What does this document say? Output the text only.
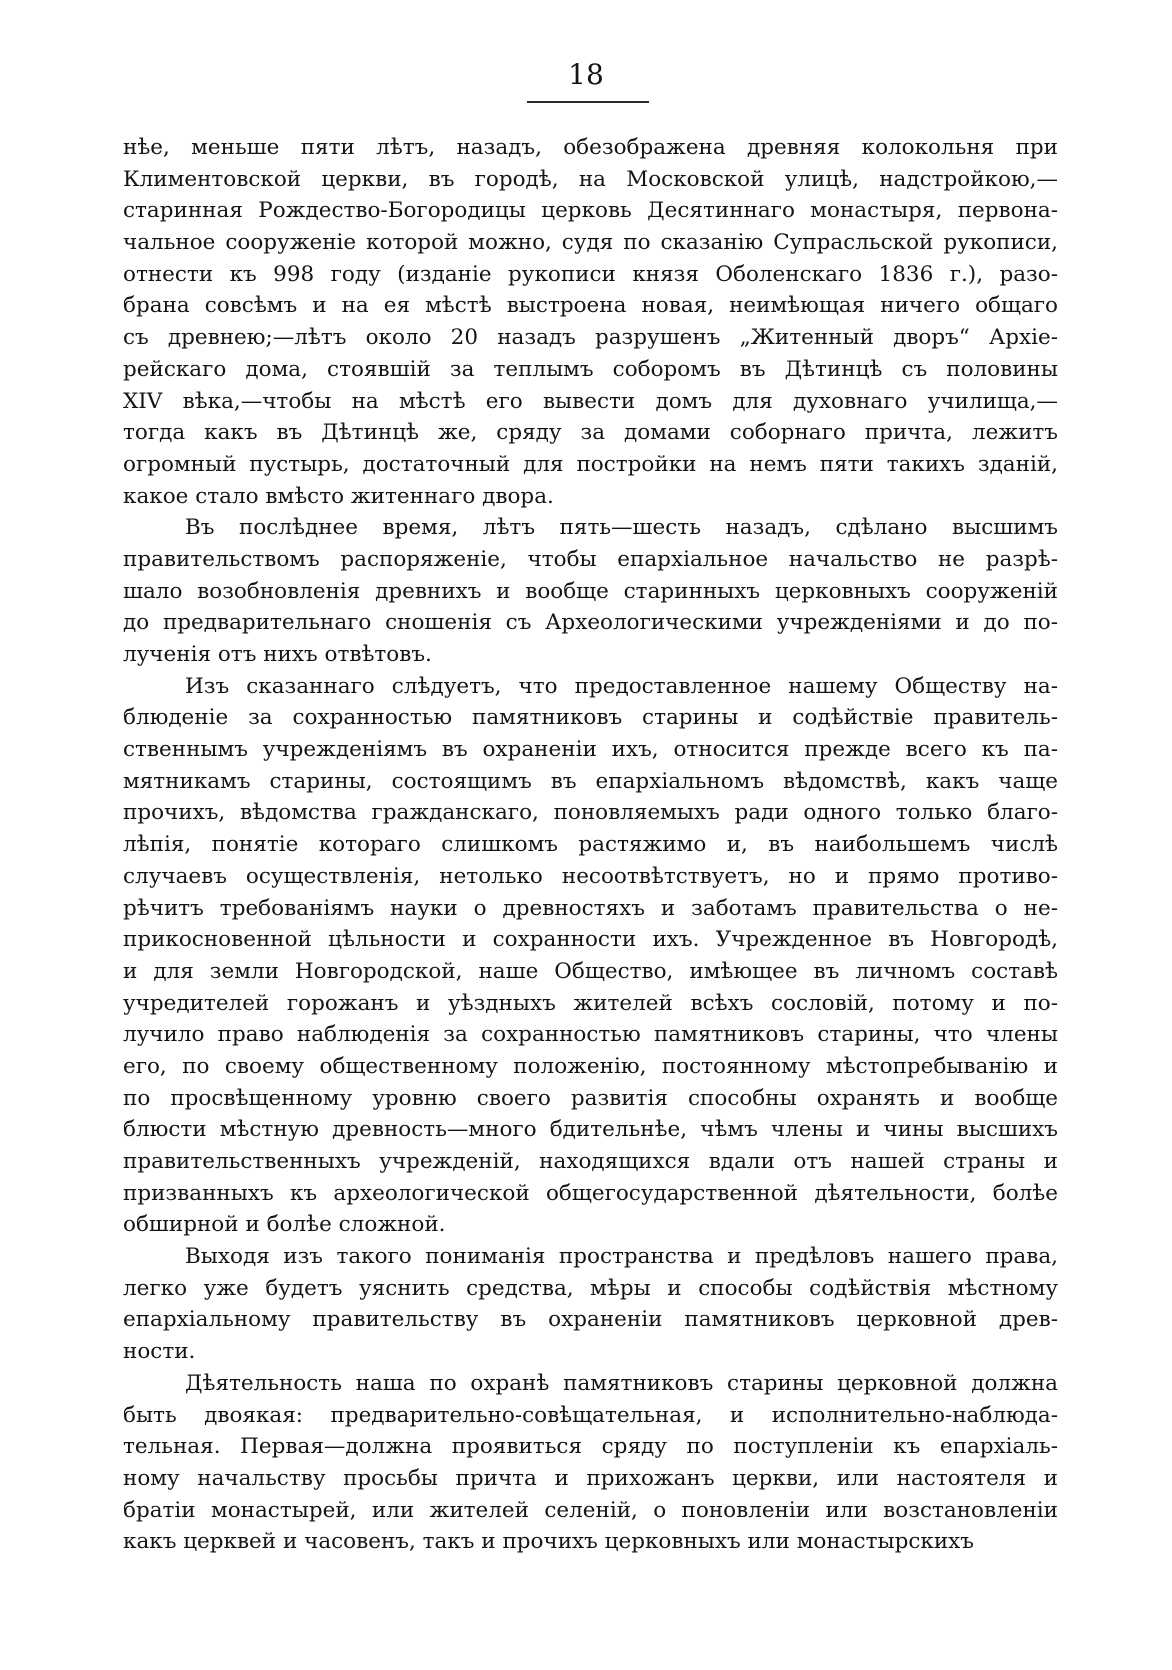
18
нѣе, меньше пяти лѣтъ, назадъ, обезображена древняя колокольня при
Климентовской церкви, въ городѣ, на Московской улицѣ, надстройкою,—
старинная Рождество-Богородицы церковь Десятиннаго монастыря, первона-
чальное сооруженіе которой можно, судя по сказанію Супрасльской рукописи,
отнести къ 998 году (изданіе рукописи князя Оболенскаго 1836 г.), разо-
брана совсѣмъ и на ея мѣстѣ выстроена новая, неимѣющая ничего общаго
съ древнею;—лѣтъ около 20 назадъ разрушенъ „Житенный дворъ“ Архіе-
рейскаго дома, стоявшій за теплымъ соборомъ въ Дѣтинцѣ съ половины
XIV вѣка,—чтобы на мѣстѣ его вывести домъ для духовнаго училища,—
тогда какъ въ Дѣтинцѣ же, сряду за домами соборнаго причта, лежитъ
огромный пустырь, достаточный для постройки на немъ пяти такихъ зданій,
какое стало вмѣсто житеннаго двора.
Въ послѣднее время, лѣтъ пять—шесть назадъ, сдѣлано высшимъ
правительствомъ распоряженіе, чтобы епархіальное начальство не разрѣ-
шало возобновленія древнихъ и вообще старинныхъ церковныхъ сооруженій
до предварительнаго сношенія съ Археологическими учрежденіями и до по-
лученія отъ нихъ отвѣтовъ.
Изъ сказаннаго слѣдуетъ, что предоставленное нашему Обществу на-
блюденіе за сохранностью памятниковъ старины и содѣйствіе правитель-
ственнымъ учрежденіямъ въ охраненіи ихъ, относится прежде всего къ па-
мятникамъ старины, состоящимъ въ епархіальномъ вѣдомствѣ, какъ чаще
прочихъ, вѣдомства гражданскаго, поновляемыхъ ради одного только благо-
лѣпія, понятіе котораго слишкомъ растяжимо и, въ наибольшемъ числѣ
случаевъ осуществленія, нетолько несоотвѣтствуетъ, но и прямо противо-
рѣчитъ требованіямъ науки о древностяхъ и заботамъ правительства о не-
прикосновенной цѣльности и сохранности ихъ. Учрежденное въ Новгородѣ,
и для земли Новгородской, наше Общество, имѣющее въ личномъ составѣ
учредителей горожанъ и уѣздныхъ жителей всѣхъ сословій, потому и по-
лучило право наблюденія за сохранностью памятниковъ старины, что члены
его, по своему общественному положенію, постоянному мѣстопребыванію и
по просвѣщенному уровню своего развитія способны охранять и вообще
блюсти мѣстную древность—много бдительнѣе, чѣмъ члены и чины высшихъ
правительственныхъ учрежденій, находящихся вдали отъ нашей страны и
призванныхъ къ археологической общегосударственной дѣятельности, болѣе
обширной и болѣе сложной.
Выходя изъ такого пониманія пространства и предѣловъ нашего права,
легко уже будетъ уяснить средства, мѣры и способы содѣйствія мѣстному
епархіальному правительству въ охраненіи памятниковъ церковной древ-
ности.
Дѣятельность наша по охранѣ памятниковъ старины церковной должна
быть двоякая: предварительно-совѣщательная, и исполнительно-наблюда-
тельная. Первая—должна проявиться сряду по поступленіи къ епархіаль-
ному начальству просьбы причта и прихожанъ церкви, или настоятеля и
братіи монастырей, или жителей селеній, о поновленіи или возстановленіи
какъ церквей и часовенъ, такъ и прочихъ церковныхъ или монастырскихъ
